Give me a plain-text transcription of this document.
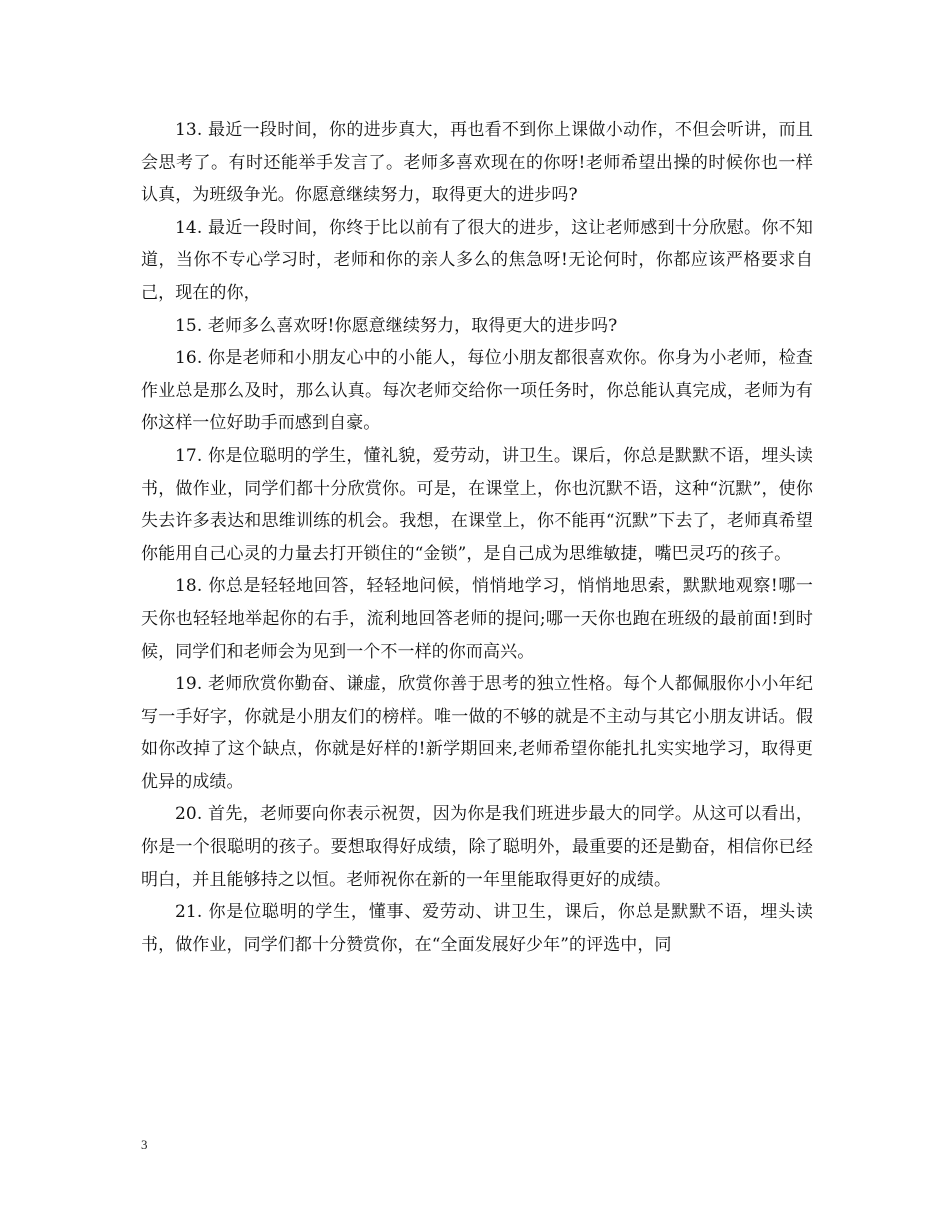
13. 最近一段时间，你的进步真大，再也看不到你上课做小动作，不但会听讲，而且会思考了。有时还能举手发言了。老师多喜欢现在的你呀!老师希望出操的时候你也一样认真，为班级争光。你愿意继续努力，取得更大的进步吗?

14. 最近一段时间，你终于比以前有了很大的进步，这让老师感到十分欣慰。你不知道，当你不专心学习时，老师和你的亲人多么的焦急呀!无论何时，你都应该严格要求自己，现在的你，

15. 老师多么喜欢呀!你愿意继续努力，取得更大的进步吗?

16. 你是老师和小朋友心中的小能人，每位小朋友都很喜欢你。你身为小老师，检查作业总是那么及时，那么认真。每次老师交给你一项任务时，你总能认真完成，老师为有你这样一位好助手而感到自豪。

17. 你是位聪明的学生，懂礼貌，爱劳动，讲卫生。课后，你总是默默不语，埋头读书，做作业，同学们都十分欣赏你。可是，在课堂上，你也沉默不语，这种“沉默”，使你失去许多表达和思维训练的机会。我想，在课堂上，你不能再“沉默”下去了，老师真希望你能用自己心灵的力量去打开锁住的“金锁”，是自己成为思维敏捷，嘴巴灵巧的孩子。

18. 你总是轻轻地回答，轻轻地问候，悄悄地学习，悄悄地思索，默默地观察!哪一天你也轻轻地举起你的右手，流利地回答老师的提问;哪一天你也跑在班级的最前面!到时候，同学们和老师会为见到一个不一样的你而高兴。

19. 老师欣赏你勤奋、谦虚，欣赏你善于思考的独立性格。每个人都佩服你小小年纪写一手好字，你就是小朋友们的榜样。唯一做的不够的就是不主动与其它小朋友讲话。假如你改掉了这个缺点，你就是好样的!新学期回来,老师希望你能扎扎实实地学习，取得更优异的成绩。

20. 首先，老师要向你表示祝贺，因为你是我们班进步最大的同学。从这可以看出，你是一个很聪明的孩子。要想取得好成绩，除了聪明外，最重要的还是勤奋，相信你已经明白，并且能够持之以恒。老师祝你在新的一年里能取得更好的成绩。

21. 你是位聪明的学生，懂事、爱劳动、讲卫生，课后，你总是默默不语，埋头读书，做作业，同学们都十分赞赏你，在“全面发展好少年”的评选中，同

3
